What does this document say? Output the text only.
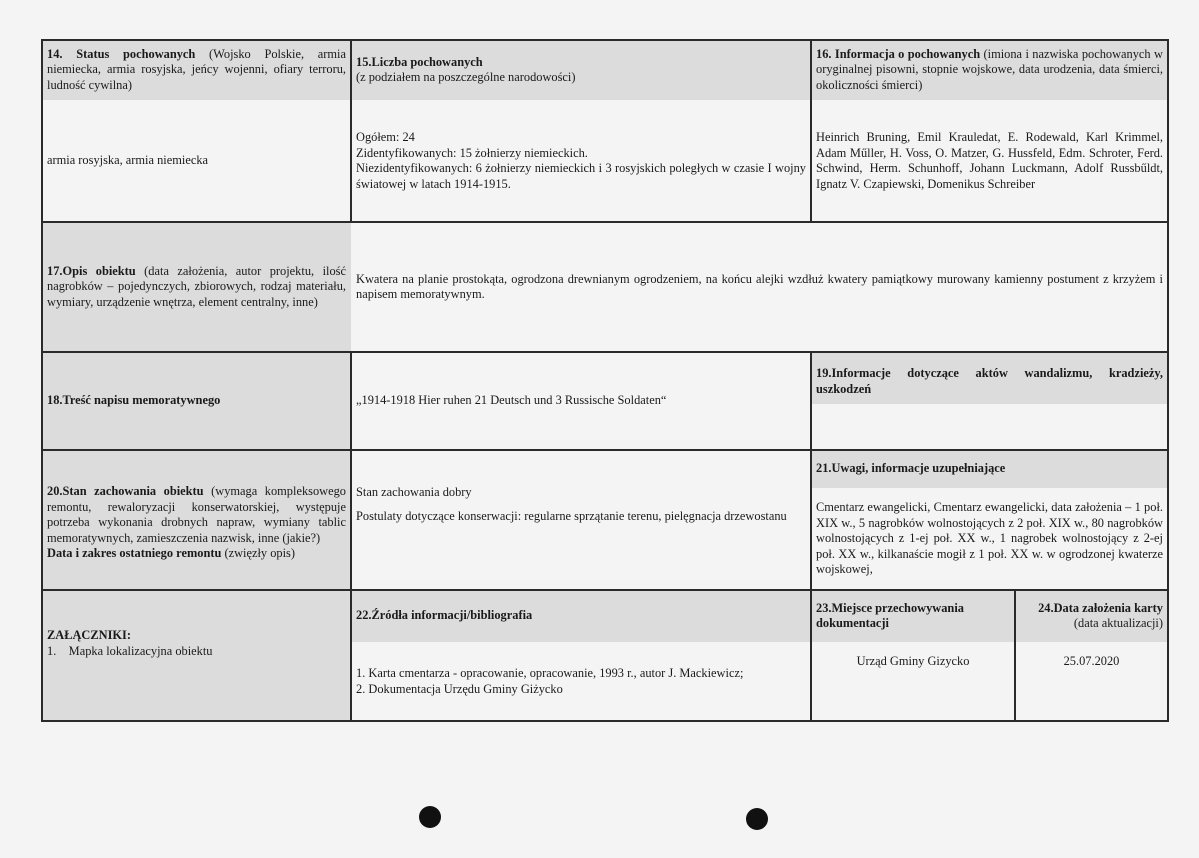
14. Status pochowanych (Wojsko Polskie, armia niemiecka, armia rosyjska, jeńcy wojenni, ofiary terroru, ludność cywilna)
15.Liczba pochowanych
(z podziałem na poszczególne narodowości)
16. Informacja o pochowanych (imiona i nazwiska pochowanych w oryginalnej pisowni, stopnie wojskowe, data urodzenia, data śmierci, okoliczności śmierci)
armia rosyjska, armia niemiecka
Ogółem: 24
Zidentyfikowanych: 15 żołnierzy niemieckich.
Niezidentyfikowanych: 6 żołnierzy niemieckich i 3 rosyjskich poległych w czasie I wojny światowej w latach 1914-1915.
Heinrich Bruning, Emil Krauledat, E. Rodewald, Karl Krimmel, Adam Műller, H. Voss, O. Matzer, G. Hussfeld, Edm. Schroter, Ferd. Schwind, Herm. Schunhoff, Johann Luckmann, Adolf Russbűldt, Ignatz V. Czapiewski, Domenikus Schreiber
17.Opis obiektu (data założenia, autor projektu, ilość nagrobków – pojedynczych, zbiorowych, rodzaj materiału, wymiary, urządzenie wnętrza, element centralny, inne)
Kwatera na planie prostokąta, ogrodzona drewnianym ogrodzeniem, na końcu alejki wzdłuż kwatery pamiątkowy murowany kamienny postument z krzyżem i napisem memoratywnym.
18.Treść napisu memoratywnego	„1914-1918 Hier ruhen 21 Deutsch und 3 Russische Soldaten“
19.Informacje dotyczące aktów wandalizmu, kradzieży, uszkodzeń
20.Stan zachowania obiektu (wymaga kompleksowego remontu, rewaloryzacji konserwatorskiej, występuje potrzeba wykonania drobnych napraw, wymiany tablic memoratywnych, zamieszczenia nazwisk, inne (jakie?)
Data i zakres ostatniego remontu (zwięzły opis)
Stan zachowania dobry
Postulaty dotyczące konserwacji: regularne sprzątanie terenu, pielęgnacja drzewostanu
21.Uwagi, informacje uzupełniające
Cmentarz ewangelicki, Cmentarz ewangelicki, data założenia – 1 poł. XIX w., 5 nagrobków wolnostojących z 2 poł. XIX w., 80 nagrobków wolnostojących z 1-ej poł. XX w., 1 nagrobek wolnostojący z 2-ej poł. XX w., kilkanaście mogił z 1 poł. XX w. w ogrodzonej kwaterze wojskowej,
ZAŁĄCZNIKI:
1.    Mapka lokalizacyjna obiektu
22.Źródła informacji/bibliografia
1. Karta cmentarza - opracowanie, opracowanie, 1993 r., autor J. Mackiewicz;
2. Dokumentacja Urzędu Gminy Giżycko
23.Miejsce przechowywania dokumentacji
Urząd Gminy Gizycko
24.Data założenia karty
(data aktualizacji)
25.07.2020
